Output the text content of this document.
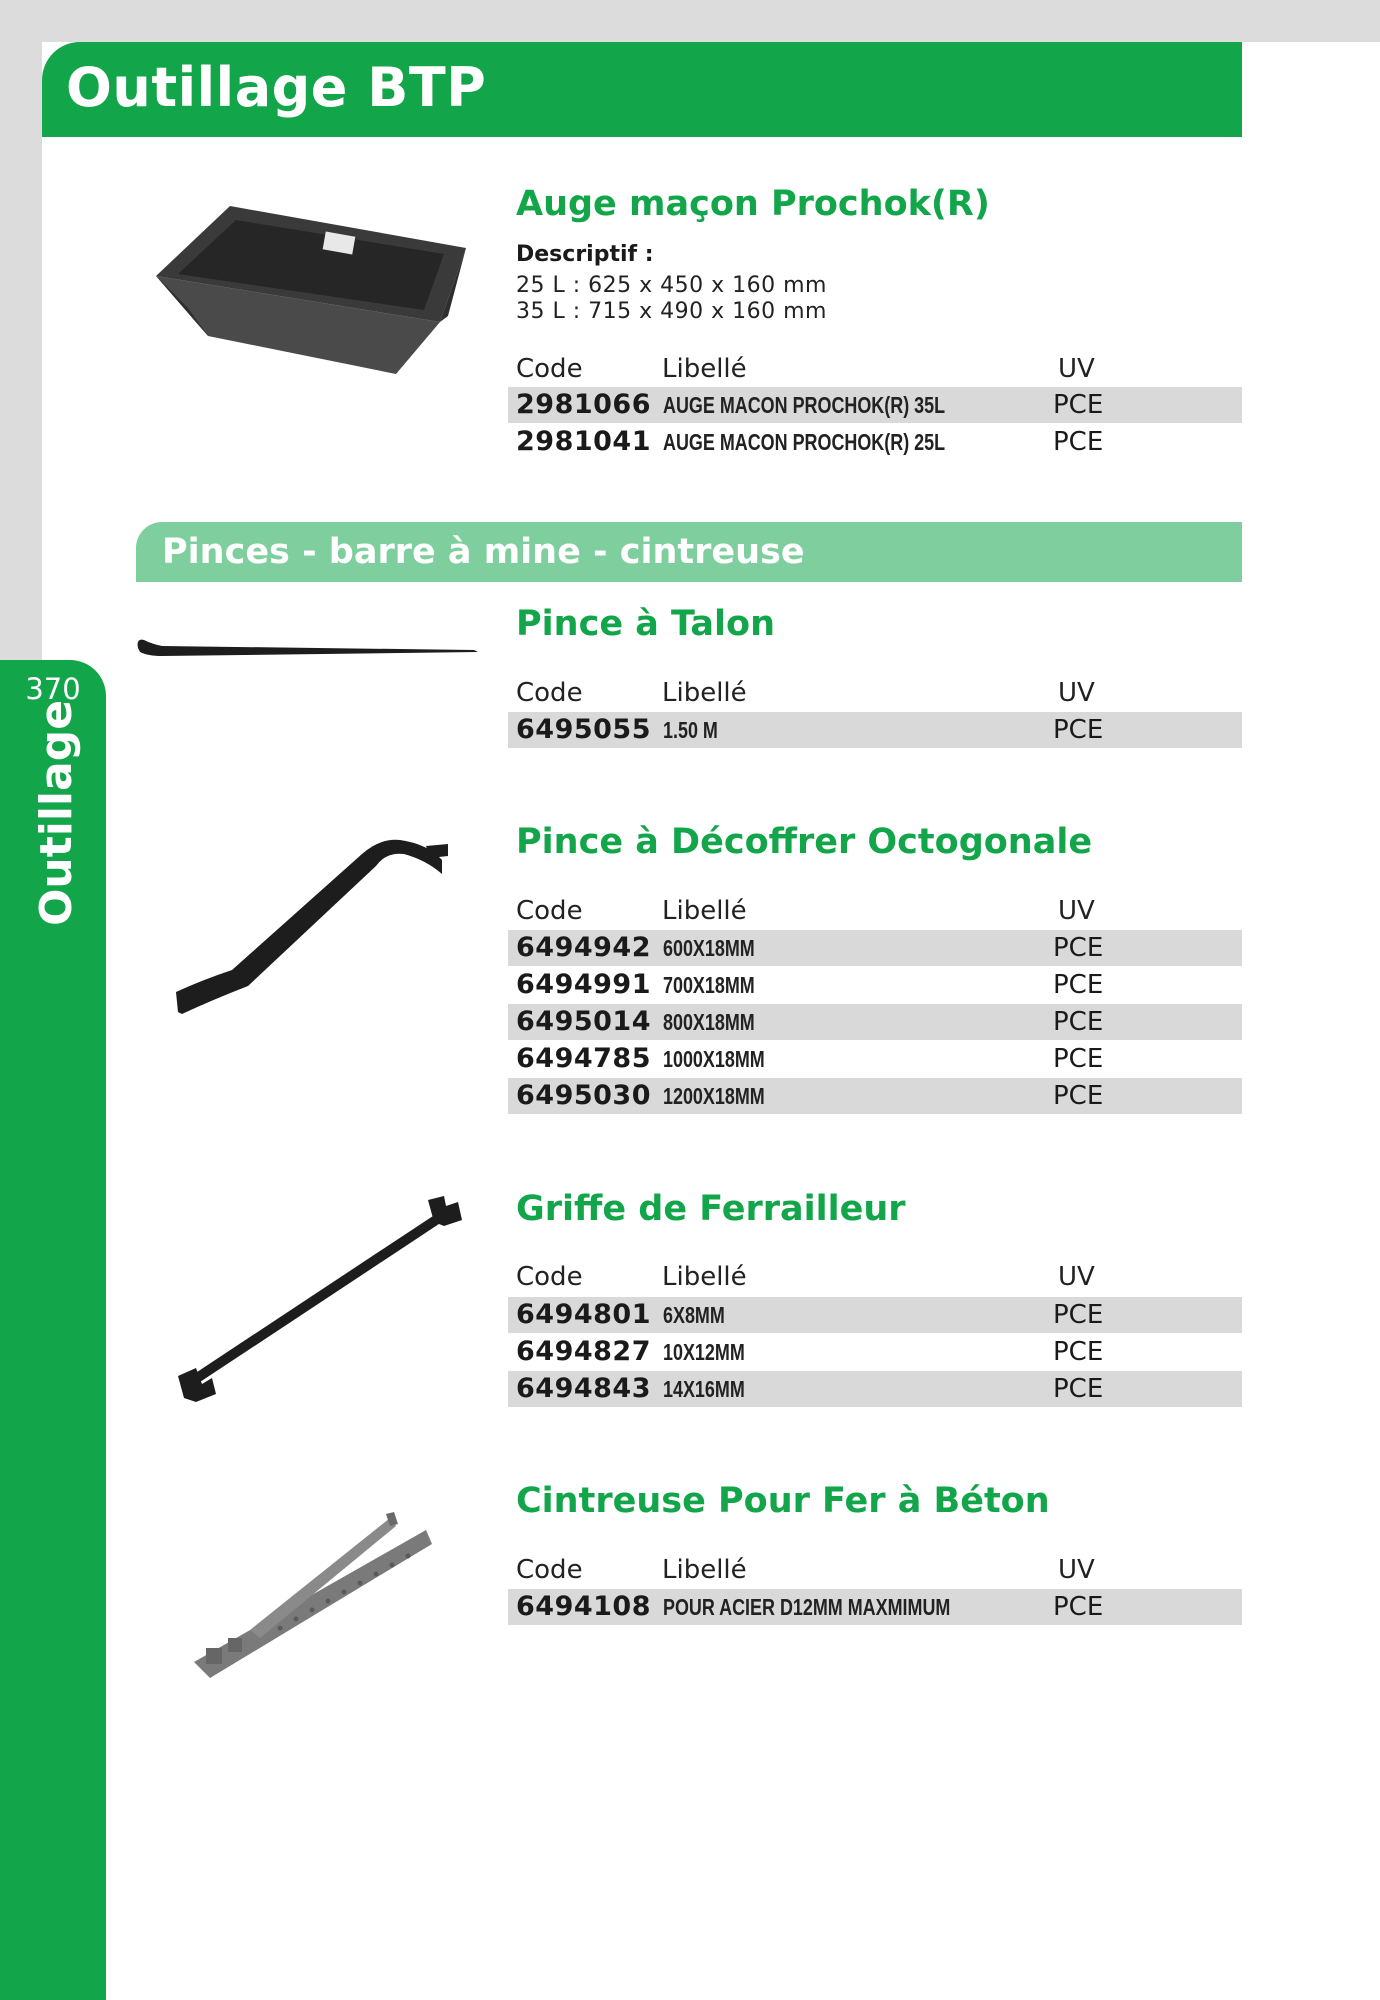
370
Outillage
Outillage BTP
Auge maçon Prochok(R)
Descriptif :
25 L : 625 x 450 x 160 mm
35 L : 715 x 490 x 160 mm
Code	Libellé	UV
2981066 AUGE MACON PROCHOK(R) 35L	PCE
2981041 AUGE MACON PROCHOK(R) 25L	PCE
Pinces - barre à mine - cintreuse
Pince à Talon
Code	Libellé	UV
6495055 1.50 M	PCE
Pince à Décoffrer Octogonale
Code	Libellé	UV
6494942 600X18MM	PCE
6494991 700X18MM	PCE
6495014 800X18MM	PCE
6494785 1000X18MM	PCE
6495030 1200X18MM	PCE
Griffe de Ferrailleur
Code	Libellé	UV
6494801 6X8MM	PCE
6494827 10X12MM	PCE
6494843 14X16MM	PCE
Cintreuse Pour Fer à Béton
Code	Libellé	UV
6494108 POUR ACIER D12MM MAXMIMUM	PCE
